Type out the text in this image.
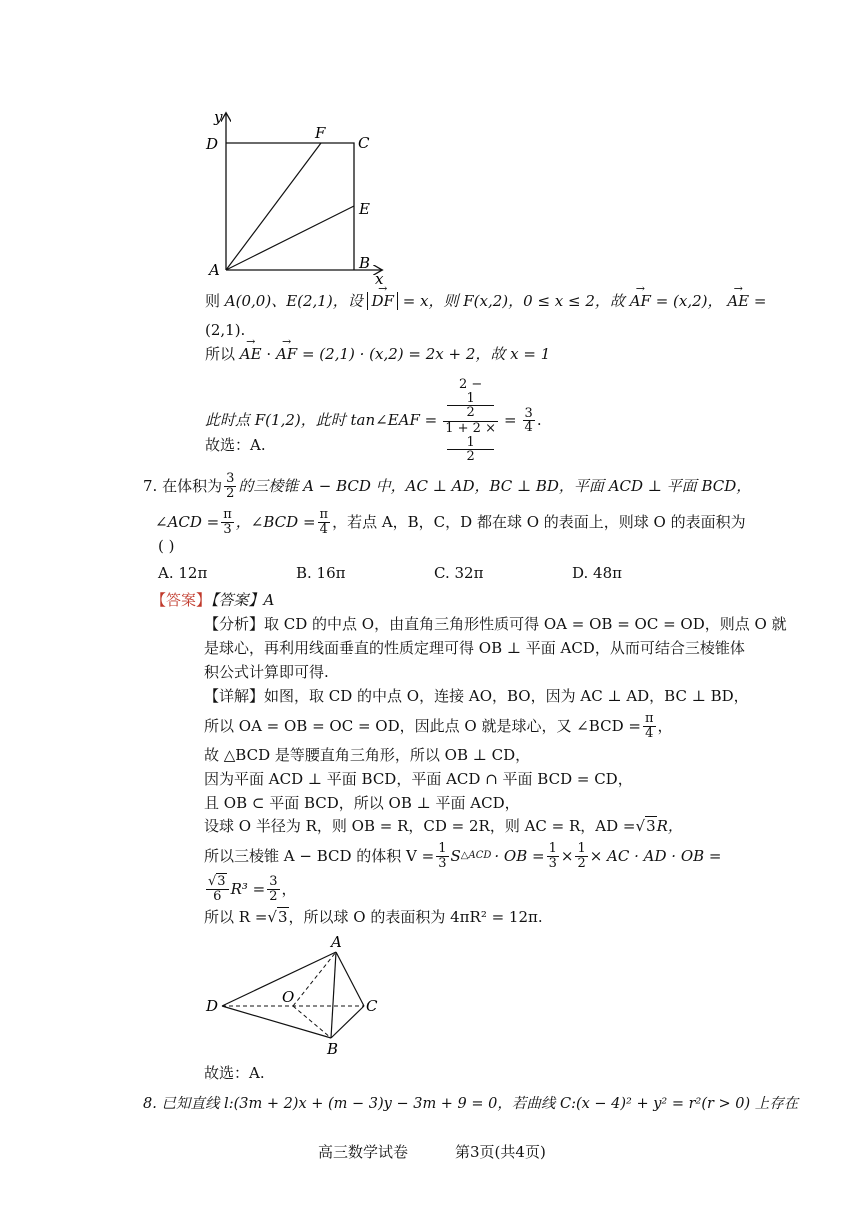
y
D
F
C
E
A	B
x
则 A(0,0)、E(2,1)，设 → DF = x，则 F(x,2)，0 ≤ x ≤ 2，故 → AF = (x,2)， → AE =
(2,1).
所以 → AE · → AF = (2,1) · (x,2) = 2x + 2，故 x = 1
此时点 F(1,2)，此时 tan∠EAF = 2 −
1
2
1 + 2 ×
1
$2 = \frac{3}{4}$ .
故选：A.
7. 在体积为 $\frac{3}{2}$ 的三棱锥 A − BCD 中，AC ⊥ AD，BC ⊥ BD，平面 ACD ⊥ 平面 BCD，
∠ACD = $\frac{\pi}{3}$ ，∠BCD = $\frac{\pi}{4}$ ，若点 A，B，C，D 都在球 O 的表面上，则球 O 的表面积为
( )
A. 12π	B. 16π	C. 32π	D. 48π
【答案】【答案】A
【分析】取 CD 的中点 O，由直角三角形性质可得 OA = OB = OC = OD，则点 O 就
是球心，再利用线面垂直的性质定理可得 OB ⊥ 平面 ACD，从而可结合三棱锥体
积公式计算即可得.
【详解】如图，取 CD 的中点 O，连接 AO，BO，因为 AC ⊥ AD，BC ⊥ BD，
所以 OA = OB = OC = OD，因此点 O 就是球心，又 ∠BCD = $\frac{\pi}{4}$ ，
故 △BCD 是等腰直角三角形，所以 OB ⊥ CD，
因为平面 ACD ⊥ 平面 BCD，平面 ACD ∩ 平面 BCD = CD，
且 OB ⊂ 平面 BCD，所以 OB ⊥ 平面 ACD，
设球 O 半径为 R，则 OB = R，CD = 2R，则 AC = R，AD =√3R，
所以三棱锥 A − BCD 的体积 $V = \frac{1}{3}$ S △ACD · OB = $\frac{1}{3} \times \frac{1}{2}$ × AC · AD · OB =
$\frac{√3}{6} R^3 = \frac{3}{2}$ ，
所以 R =√3，所以球 O 的表面积为 4πR² = 12π.
A
D	O	C
B
故选：A.
8. 已知直线 l:(3m + 2)x + (m − 3)y − 3m + 9 = 0，若曲线 C:(x − 4)² + y² = r²(r > 0) 上存在
高三数学试卷	第3页(共4页)
